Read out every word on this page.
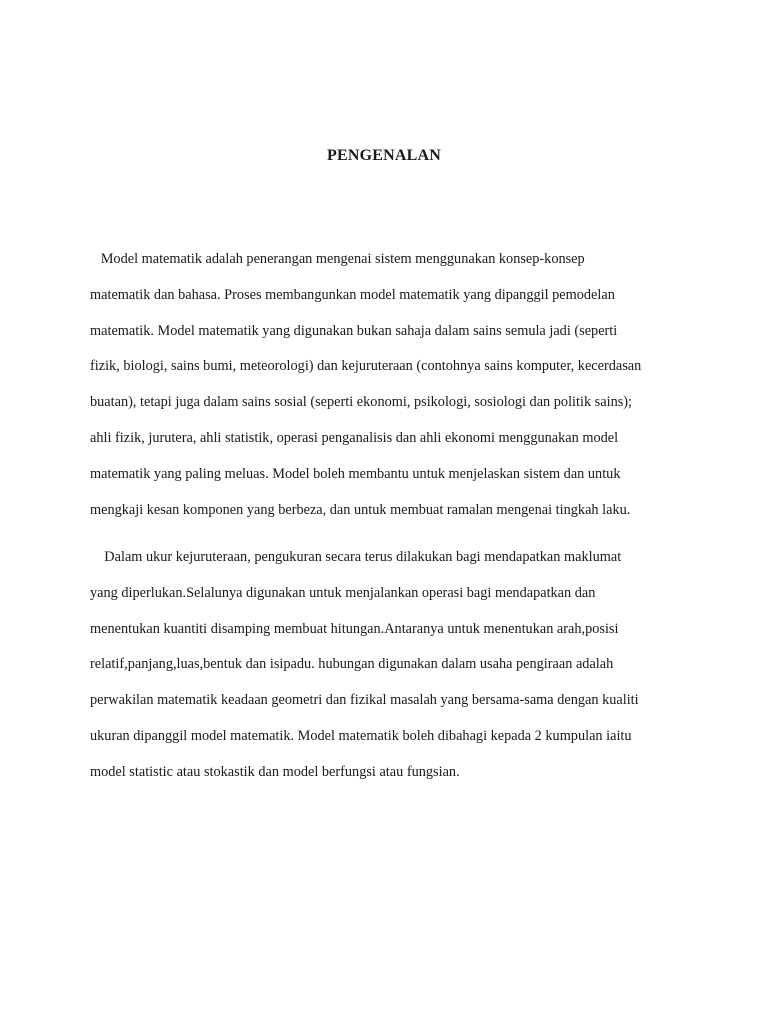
PENGENALAN

Model matematik adalah penerangan mengenai sistem menggunakan konsep-konsep
matematik dan bahasa. Proses membangunkan model matematik yang dipanggil pemodelan
matematik. Model matematik yang digunakan bukan sahaja dalam sains semula jadi (seperti
fizik, biologi, sains bumi, meteorologi) dan kejuruteraan (contohnya sains komputer, kecerdasan
buatan), tetapi juga dalam sains sosial (seperti ekonomi, psikologi, sosiologi dan politik sains);
ahli fizik, jurutera, ahli statistik, operasi penganalisis dan ahli ekonomi menggunakan model
matematik yang paling meluas. Model boleh membantu untuk menjelaskan sistem dan untuk
mengkaji kesan komponen yang berbeza, dan untuk membuat ramalan mengenai tingkah laku.

Dalam ukur kejuruteraan, pengukuran secara terus dilakukan bagi mendapatkan maklumat
yang diperlukan.Selalunya digunakan untuk menjalankan operasi bagi mendapatkan dan
menentukan kuantiti disamping membuat hitungan.Antaranya untuk menentukan arah,posisi
relatif,panjang,luas,bentuk dan isipadu. hubungan digunakan dalam usaha pengiraan adalah
perwakilan matematik keadaan geometri dan fizikal masalah yang bersama-sama dengan kualiti
ukuran dipanggil model matematik. Model matematik boleh dibahagi kepada 2 kumpulan iaitu
model statistic atau stokastik dan model berfungsi atau fungsian.
